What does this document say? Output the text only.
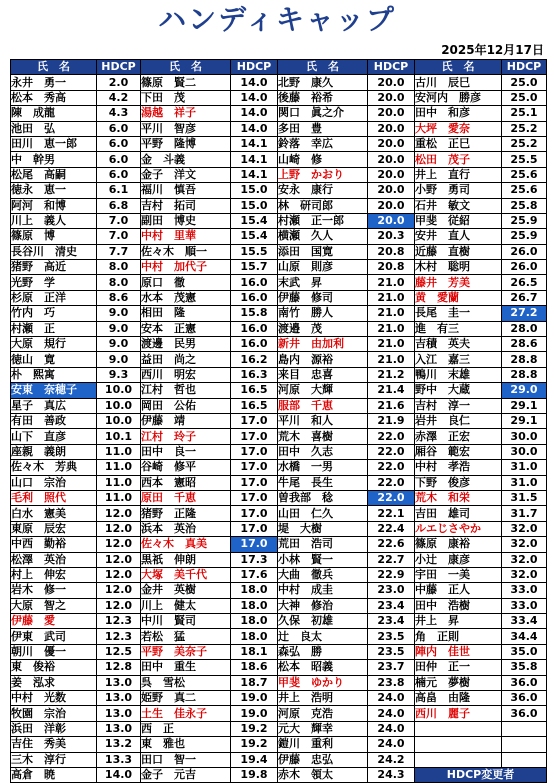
ハンディキャップ
2025年12月17日
氏　名	HDCP	氏　名	HDCP	氏　名	HDCP	氏　名	HDCP
永井　勇一	2.0	篠原　賢二	14.0	北野　康久	20.0	古川　辰巳	25.0
松本　秀高	4.2	下田　茂	14.0	後藤　裕希	20.0	安河内　勝彦	25.0
陳　成龍	4.3	湯越　祥子	14.0	関口　眞之介	20.0	田中　和彦	25.1
池田　弘	6.0	平川　智彦	14.0	多田　豊	20.0	大坪　愛奈	25.2
田川　恵一郎	6.0	平野　隆博	14.1	鈴落　幸広	20.0	重松　正巳	25.2
中　幹男	6.0	金　斗義	14.1	山崎　修	20.0	松田　茂子	25.5
松尾　高嗣	6.0	金子　洋文	14.1	上野　かおり	20.0	井上　直行	25.6
徳永　恵一	6.1	福川　慎吾	15.0	安永　康行	20.0	小野　勇司	25.6
阿河　和博	6.8	吉村　拓司	15.0	林　研司郎	20.0	石井　敏文	25.8
川上　義人	7.0	副田　博史	15.4	村瀬　正一郎	20.0	甲斐　従紹	25.9
篠原　博	7.0	中村　里華	15.4	横瀬　久人	20.3	安井　直人	25.9
長谷川　清史	7.7	佐々木　順一	15.5	添田　国寛	20.8	近藤　直樹	26.0
猪野　高近	8.0	中村　加代子	15.7	山原　則彦	20.8	木村　聡明	26.0
光野　学	8.0	原口　徹	16.0	末武　昇	21.0	藤井　芳美	26.5
杉原　正洋	8.6	水本　茂憲	16.0	伊藤　修司	21.0	黄　愛蘭	26.7
竹内　巧	9.0	相田　隆	15.8	南竹　勝人	21.0	長尾　圭一	27.2
村瀬　正	9.0	安本　正憲	16.0	渡邉　茂	21.0	進　有三	28.0
大原　規行	9.0	渡邊　民男	16.0	新井　由加利	21.0	吉積　英夫	28.6
徳山　寛	9.0	益田　尚之	16.2	島内　源裕	21.0	入江　嘉三	28.8
朴　熙寓	9.3	西川　明宏	16.3	来目　忠喜	21.2	鴨川　末雄	28.8
安東　奈穂子	10.0	江村　哲也	16.5	河原　大輝	21.4	野中　大蔵	29.0
星子　真広	10.0	岡田　公佑	16.5	服部　千恵	21.6	吉村　淳一	29.1
有田　善政	10.0	伊藤　靖	17.0	平川　和人	21.9	岩井　良仁	29.1
山下　直彦	10.1	江村　玲子	17.0	荒木　喜樹	22.0	赤澤　正宏	30.0
座親　義朗	11.0	田中　良一	17.0	田中　久志	22.0	厢谷　範宏	30.0
佐々木　芳典	11.0	谷崎　修平	17.0	水橋　一男	22.0	中村　孝浩	31.0
山口　宗治	11.0	西本　憲昭	17.0	牛尾　長生	22.0	下野　俊彦	31.0
毛利　照代	11.0	原田　千恵	17.0	曽我部　稔	22.0	荒木　和栄	31.5
白水　憲美	12.0	猪野　正隆	17.0	山田　仁久	22.1	吉田　雄司	31.7
東原　辰宏	12.0	浜本　英治	17.0	堤　大樹	22.4	ルエじさやか	32.0
中西　勤裕	12.0	佐々木　真美	17.0	荒田　浩司	22.6	篠原　康裕	32.0
松澤　英治	12.0	黒祇　伸朗	17.3	小林　賢一	22.7	小辻　康彦	32.0
村上　伸宏	12.0	大塚　美千代	17.6	大曲　徹兵	22.9	宇田　一美	32.0
岩木　修一	12.0	金井　英樹	18.0	中村　成圭	23.0	中藤　正人	33.0
大原　智之	12.0	川上　健太	18.0	大神　修治	23.4	田中　浩樹	33.0
伊藤　愛	12.3	中川　賢司	18.0	久保　初雄	23.4	井上　昇	33.4
伊東　武司	12.3	若松　猛	18.0	辻　良太	23.5	角　正則	34.4
朝川　優一	12.5	平野　美奈子	18.1	森弘　勝	23.5	陣内　佳世	35.0
東　俊裕	12.8	田中　重生	18.6	松本　昭義	23.7	田仲　正一	35.8
姜　泓求	13.0	呉　雪松	18.7	甲斐　ゆかり	23.8	楠元　夢樹	36.0
中村　光数	13.0	姫野　真二	19.0	井上　浩明	24.0	高畠　由隆	36.0
牧園　宗治	13.0	土生　佳永子	19.0	河原　克浩	24.0	西川　麗子	36.0
浜田　洋彰	13.0	西　正	19.2	元大　輝幸	24.0		
吉住　秀美	13.2	東　雅也	19.2	鎧川　重利	24.0		
三木　淳行	13.3	田口　智一	19.4	伊藤　忠弘	24.2		
高倉　暁	14.0	金子　元吉	19.8	赤木　領太	24.3	HDCP変更者	
